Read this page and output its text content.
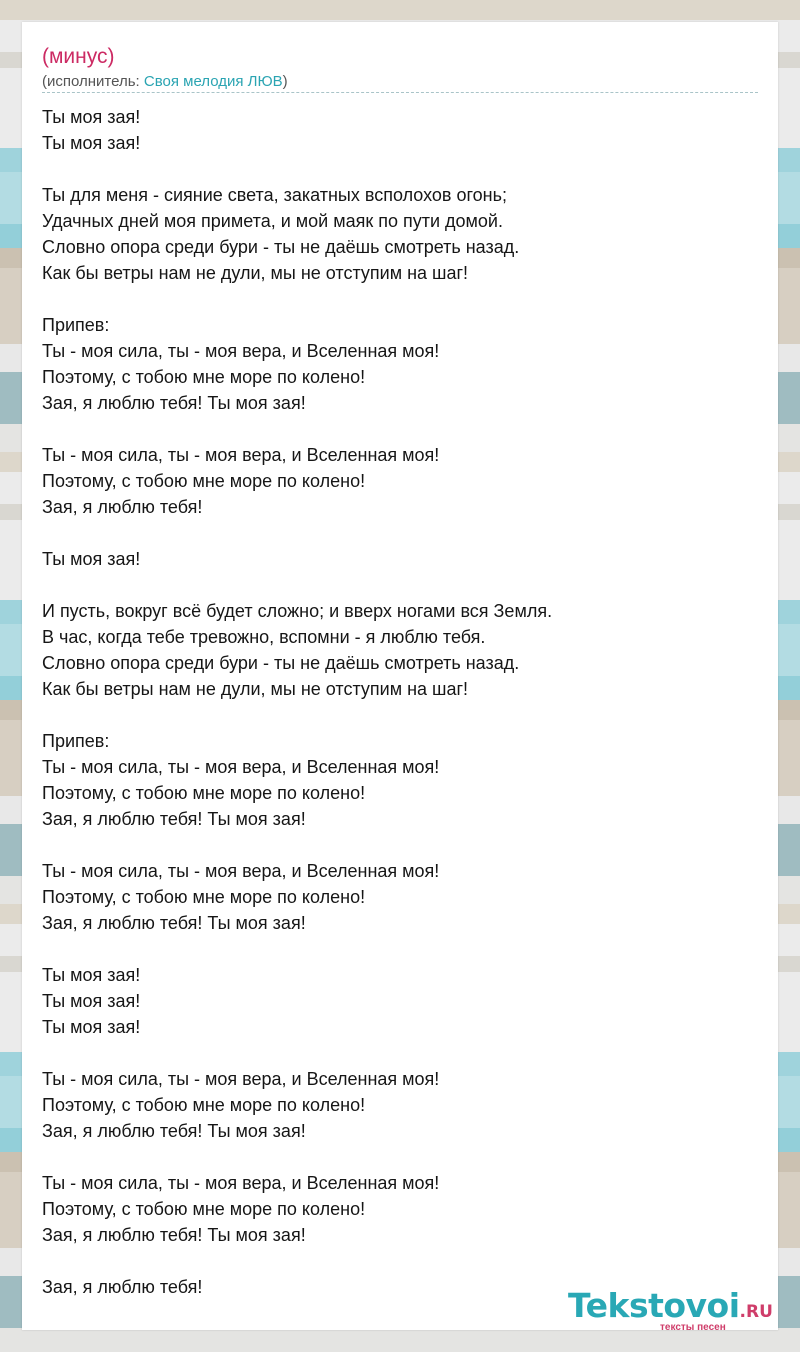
(минус)
(исполнитель: Своя мелодия ЛЮВ)
Ты моя зая!
Ты моя зая!
Ты для меня - сияние света, закатных всполохов огонь;
Удачных дней моя примета, и мой маяк по пути домой.
Словно опора среди бури - ты не даёшь смотреть назад.
Как бы ветры нам не дули, мы не отступим на шаг!
Припев:
Ты - моя сила, ты - моя вера, и Вселенная моя!
Поэтому, с тобою мне море по колено!
Зая, я люблю тебя! Ты моя зая!
Ты - моя сила, ты - моя вера, и Вселенная моя!
Поэтому, с тобою мне море по колено!
Зая, я люблю тебя!
Ты моя зая!
И пусть, вокруг всё будет сложно; и вверх ногами вся Земля.
В час, когда тебе тревожно, вспомни - я люблю тебя.
Словно опора среди бури - ты не даёшь смотреть назад.
Как бы ветры нам не дули, мы не отступим на шаг!
Припев:
Ты - моя сила, ты - моя вера, и Вселенная моя!
Поэтому, с тобою мне море по колено!
Зая, я люблю тебя! Ты моя зая!
Ты - моя сила, ты - моя вера, и Вселенная моя!
Поэтому, с тобою мне море по колено!
Зая, я люблю тебя! Ты моя зая!
Ты моя зая!
Ты моя зая!
Ты моя зая!
Ты - моя сила, ты - моя вера, и Вселенная моя!
Поэтому, с тобою мне море по колено!
Зая, я люблю тебя! Ты моя зая!
Ты - моя сила, ты - моя вера, и Вселенная моя!
Поэтому, с тобою мне море по колено!
Зая, я люблю тебя! Ты моя зая!
Зая, я люблю тебя!	Tekstovoi.RU
тексты песен
